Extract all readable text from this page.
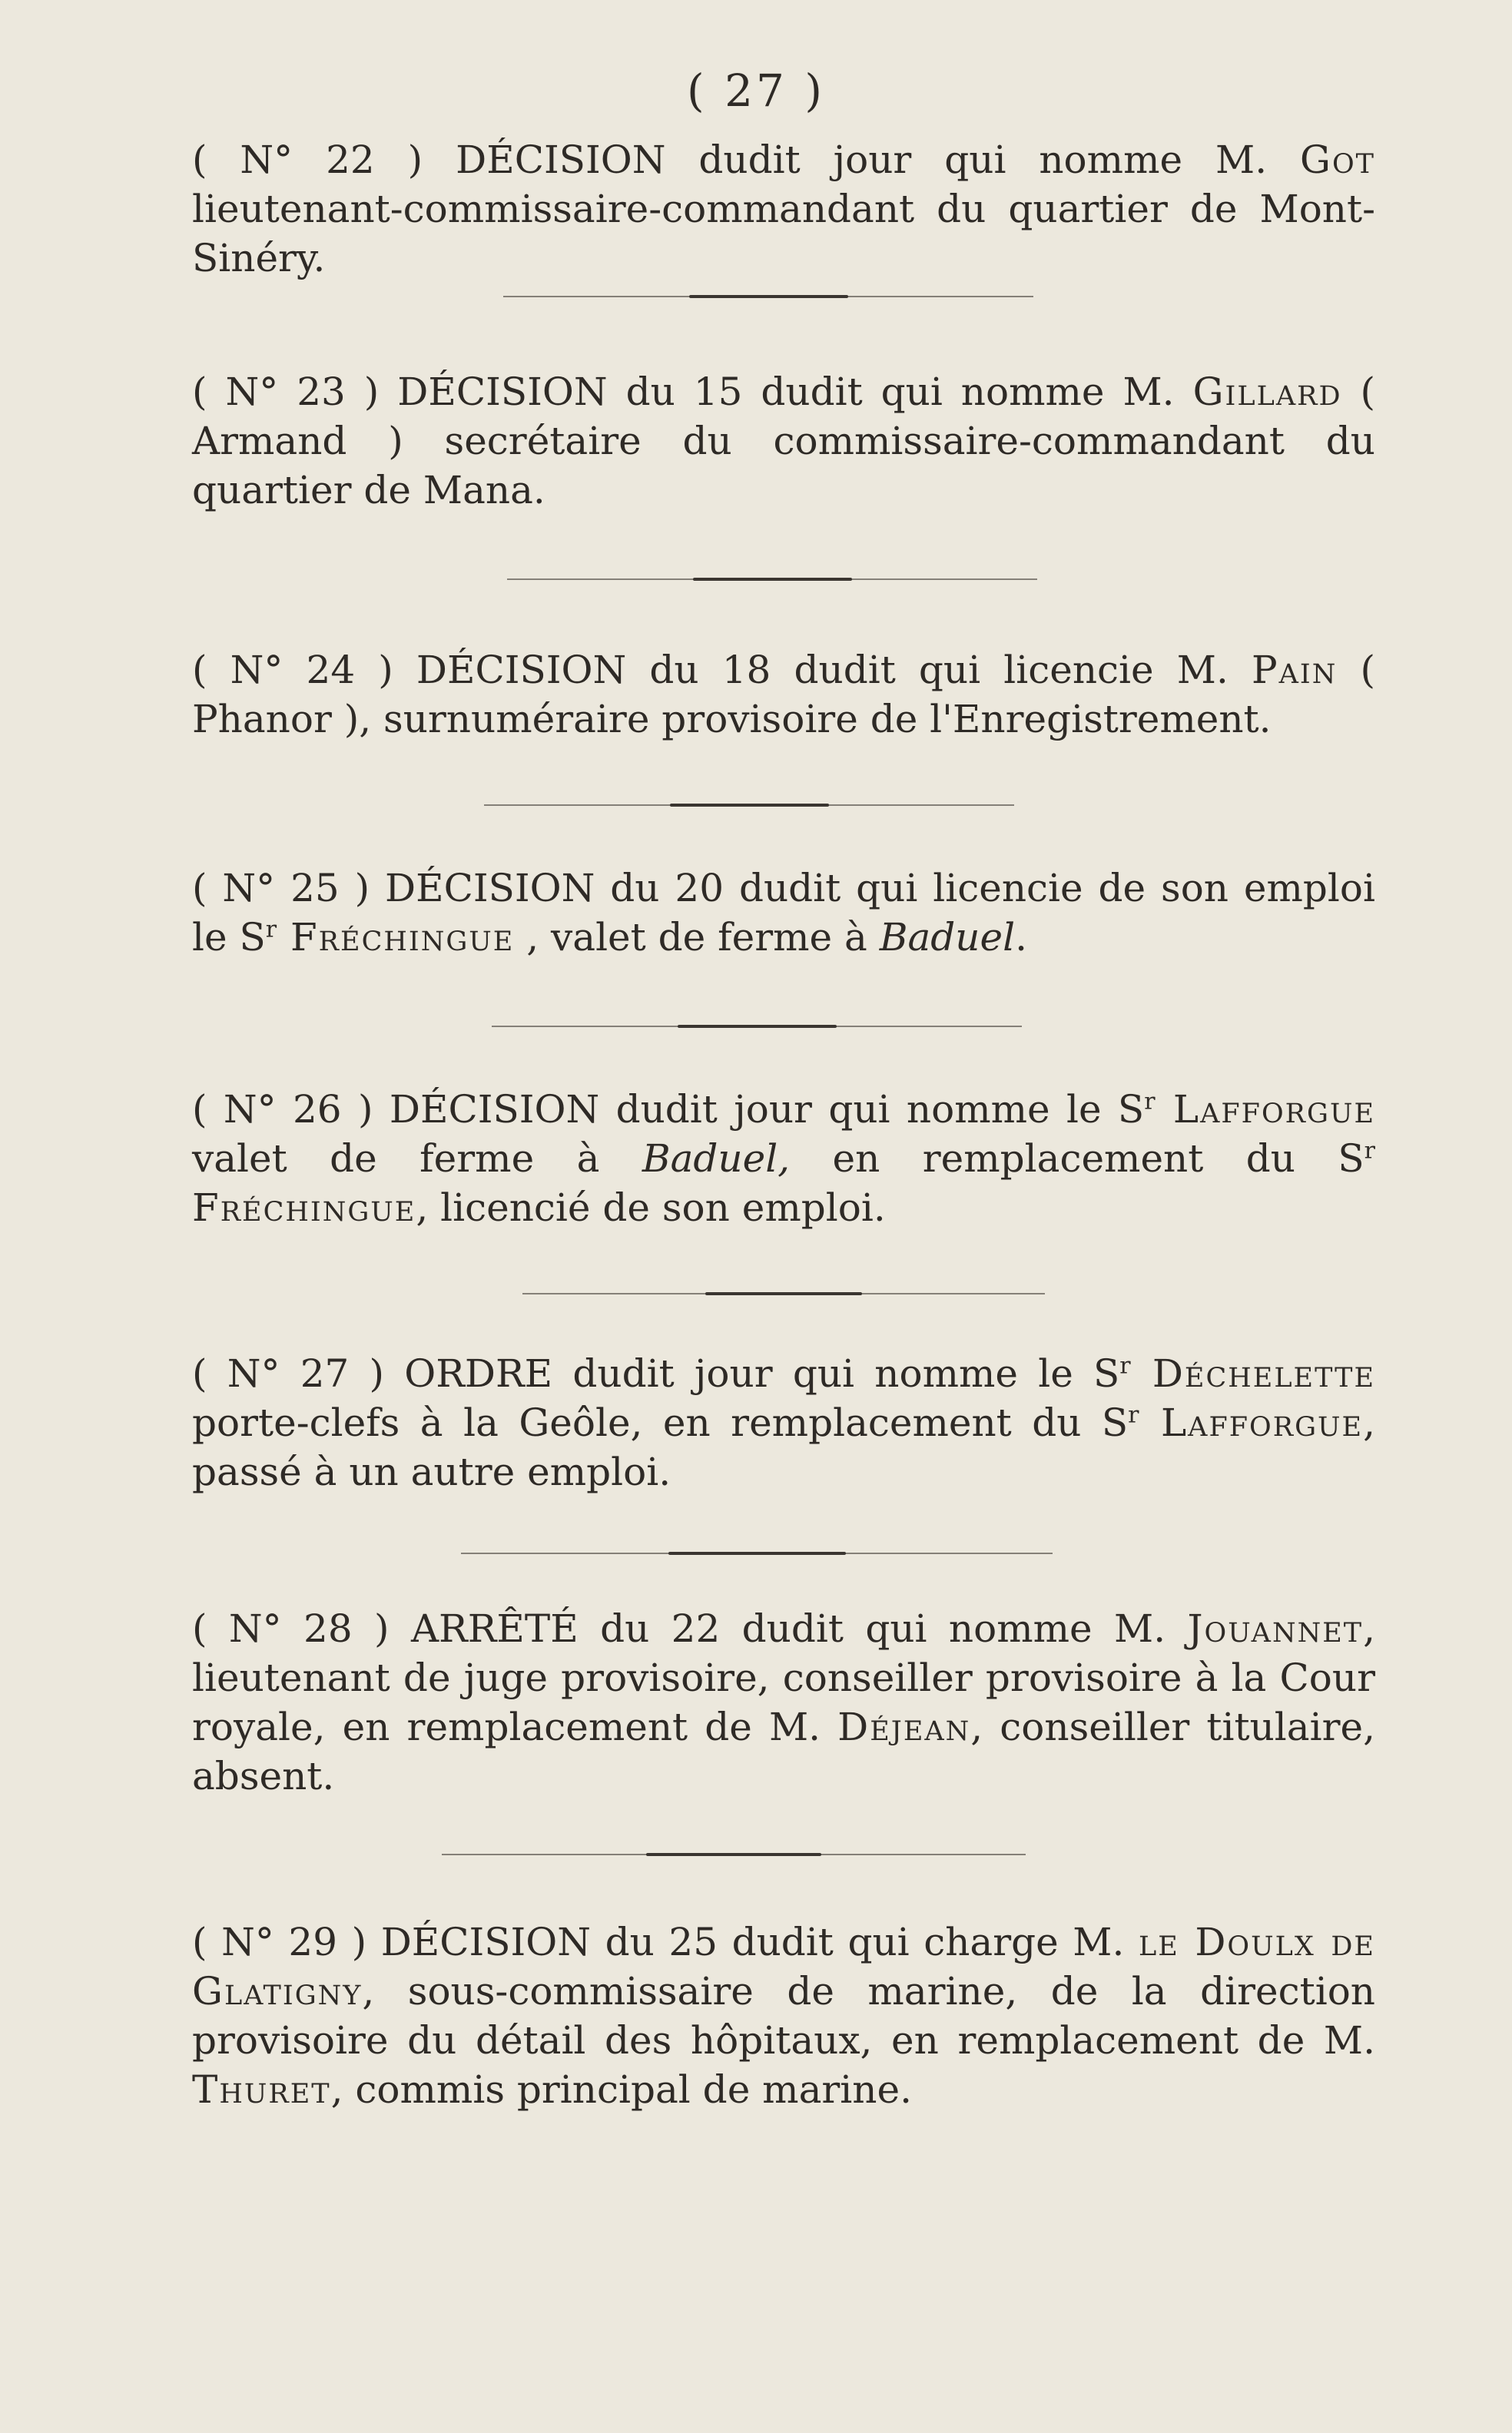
( 27 )

( N° 22 ) DÉCISION dudit jour qui nomme M. Got lieutenant-commissaire-commandant du quartier de Mont-Sinéry.

( N° 23 ) DÉCISION du 15 dudit qui nomme M. Gillard ( Armand ) secrétaire du commissaire-commandant du quartier de Mana.

( N° 24 ) DÉCISION du 18 dudit qui licencie M. Pain ( Phanor ), surnuméraire provisoire de l'Enregistrement.

( N° 25 ) DÉCISION du 20 dudit qui licencie de son emploi le $S^r$ Fréchingue , valet de ferme à Baduel.

( N° 26 ) DÉCISION dudit jour qui nomme le $S^r$ Lafforgue valet de ferme à Baduel, en remplacement du $S^r$ Fréchingue, licencié de son emploi.

( N° 27 ) ORDRE dudit jour qui nomme le $S^r$ Déchelette porte-clefs à la Geôle, en remplacement du $S^r$ Lafforgue, passé à un autre emploi.

( N° 28 ) ARRÊTÉ du 22 dudit qui nomme M. Jouannet, lieutenant de juge provisoire, conseiller provisoire à la Cour royale, en remplacement de M. Déjean, conseiller titulaire, absent.

( N° 29 ) DÉCISION du 25 dudit qui charge M. le Doulx de Glatigny, sous-commissaire de marine, de la direction provisoire du détail des hôpitaux, en remplacement de M. Thuret, commis principal de marine.
